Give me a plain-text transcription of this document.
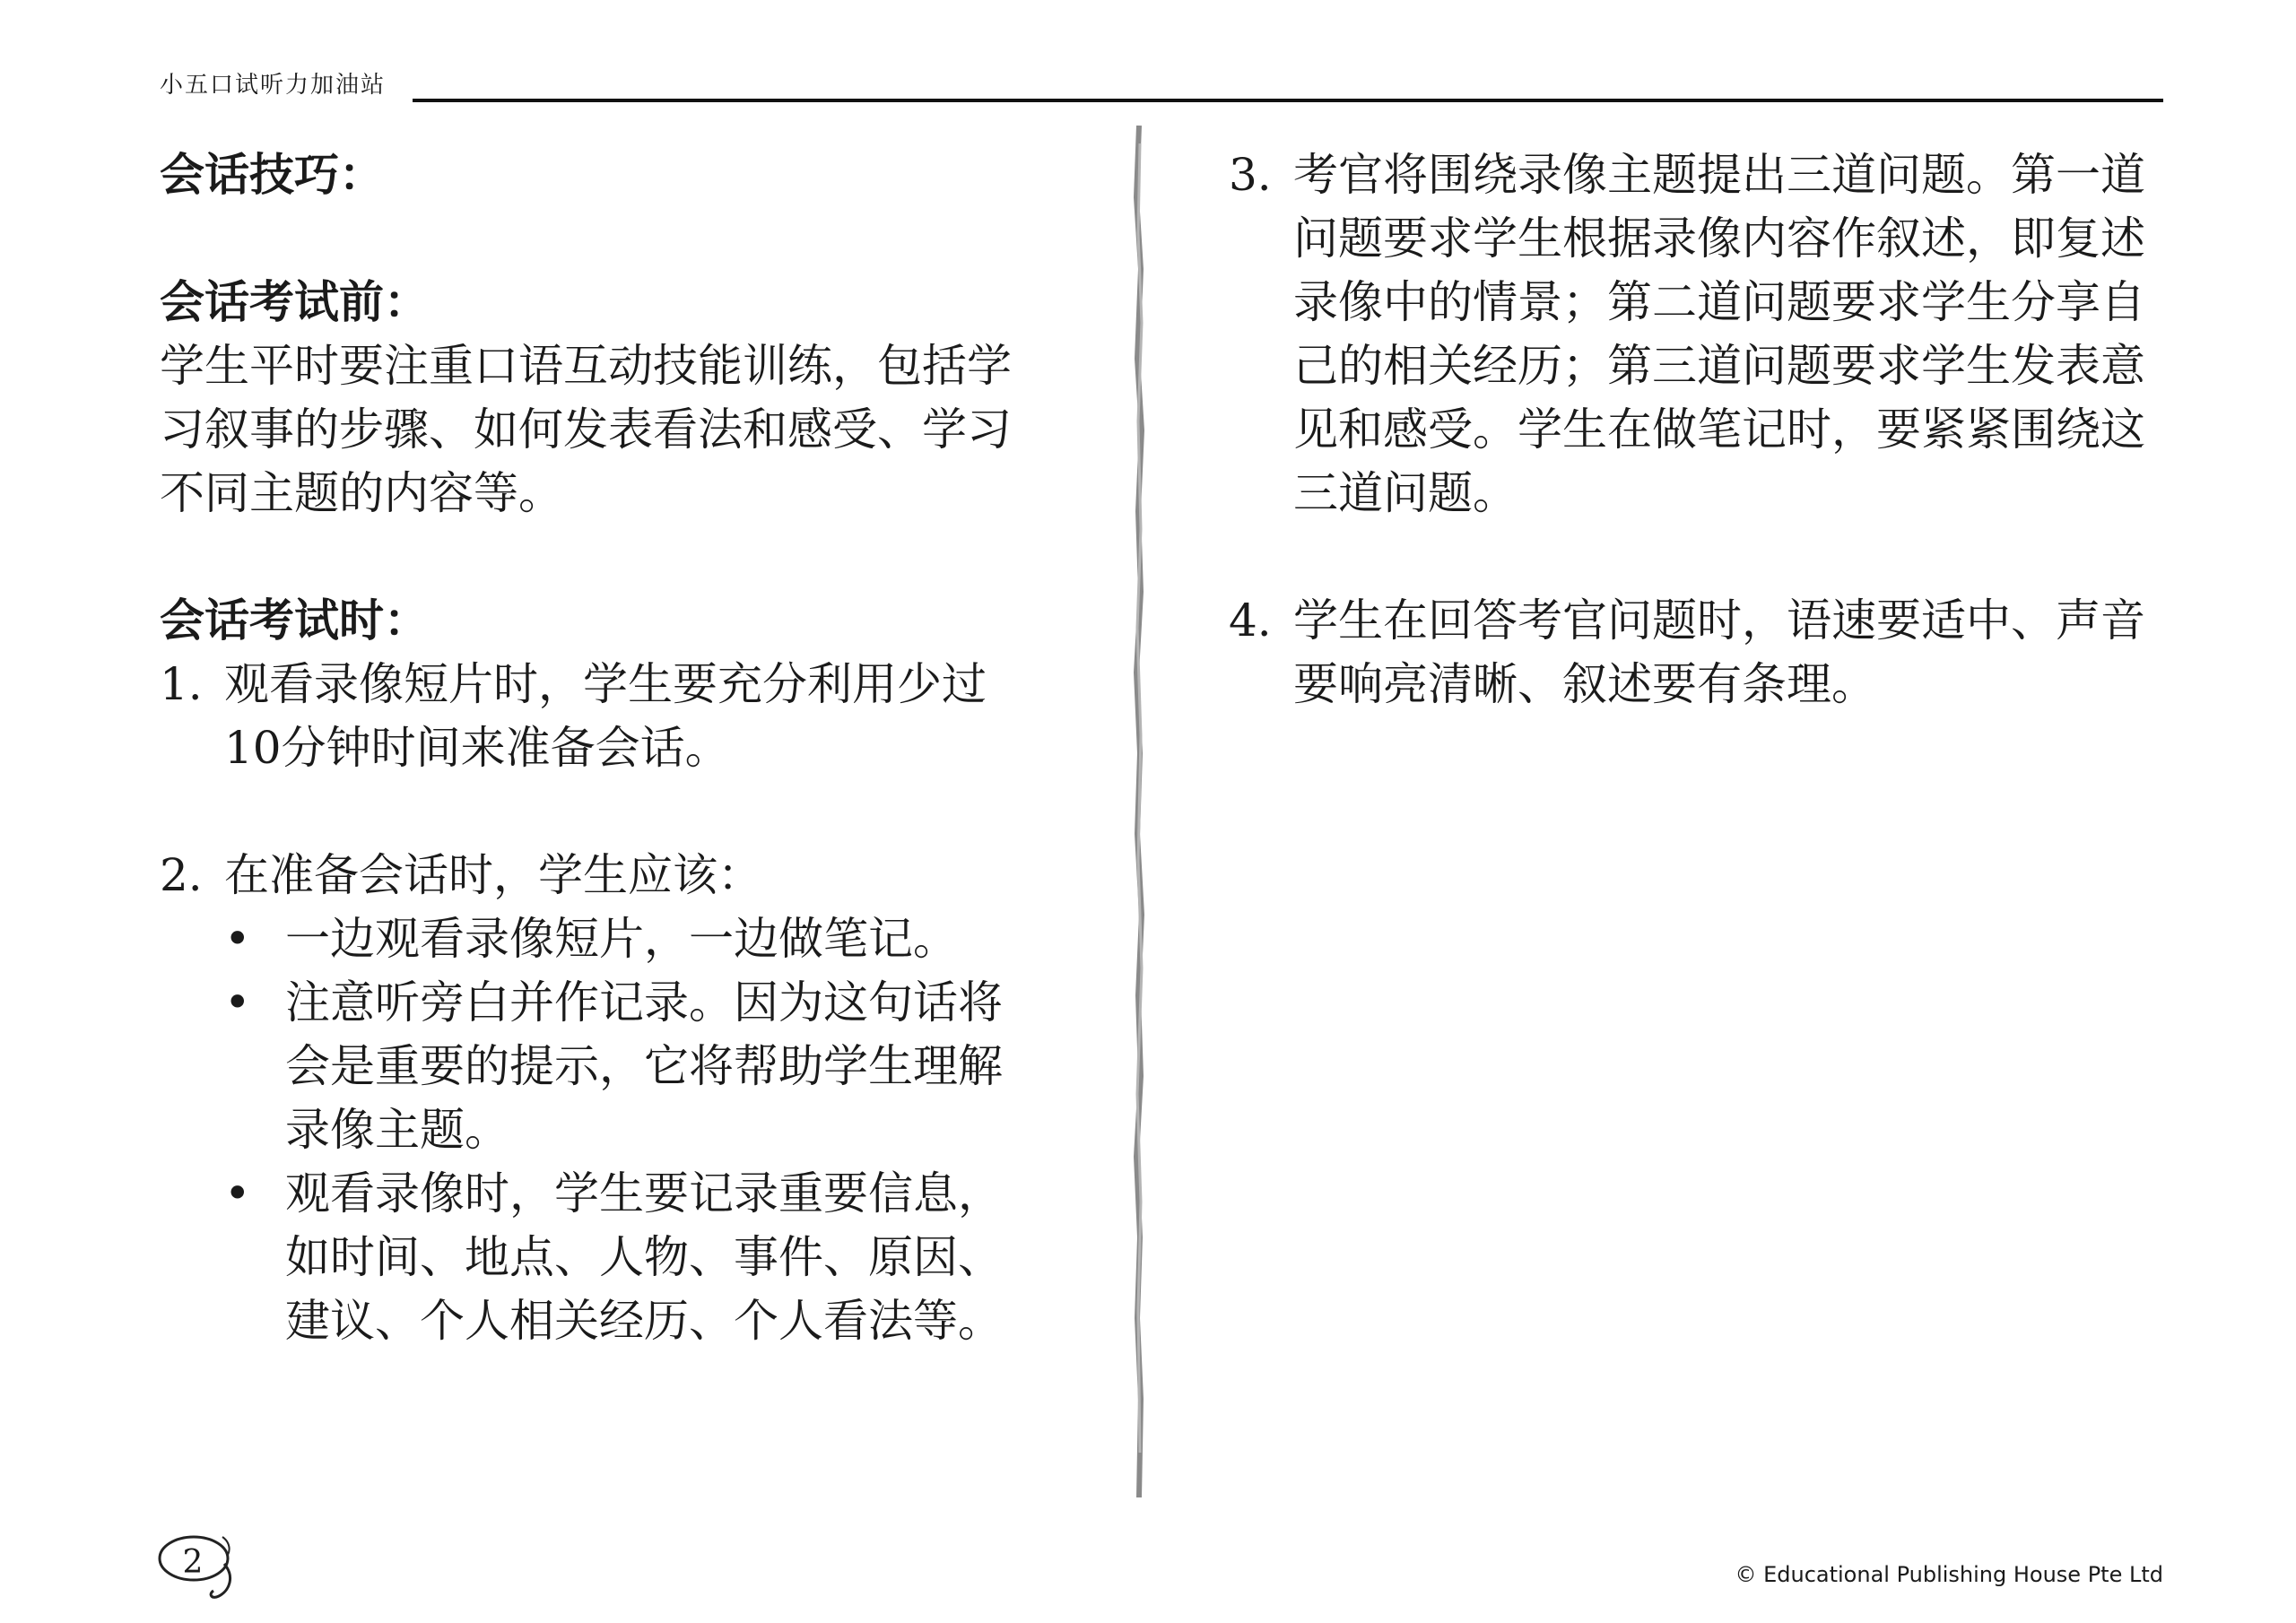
小五口试听力加油站

会话技巧：

会话考试前：

学生平时要注重口语互动技能训练，包括学习叙事的步骤、如何发表看法和感受、学习不同主题的内容等。

会话考试时：

1. 观看录像短片时，学生要充分利用少过10分钟时间来准备会话。
2. 在准备会话时，学生应该：
• 一边观看录像短片，一边做笔记。
• 注意听旁白并作记录。因为这句话将会是重要的提示，它将帮助学生理解录像主题。
• 观看录像时，学生要记录重要信息，如时间、地点、人物、事件、原因、建议、个人相关经历、个人看法等。
3. 考官将围绕录像主题提出三道问题。第一道问题要求学生根据录像内容作叙述，即复述录像中的情景；第二道问题要求学生分享自己的相关经历；第三道问题要求学生发表意见和感受。学生在做笔记时，要紧紧围绕这三道问题。
4. 学生在回答考官问题时，语速要适中、声音要响亮清晰、叙述要有条理。
2	© Educational Publishing House Pte Ltd
